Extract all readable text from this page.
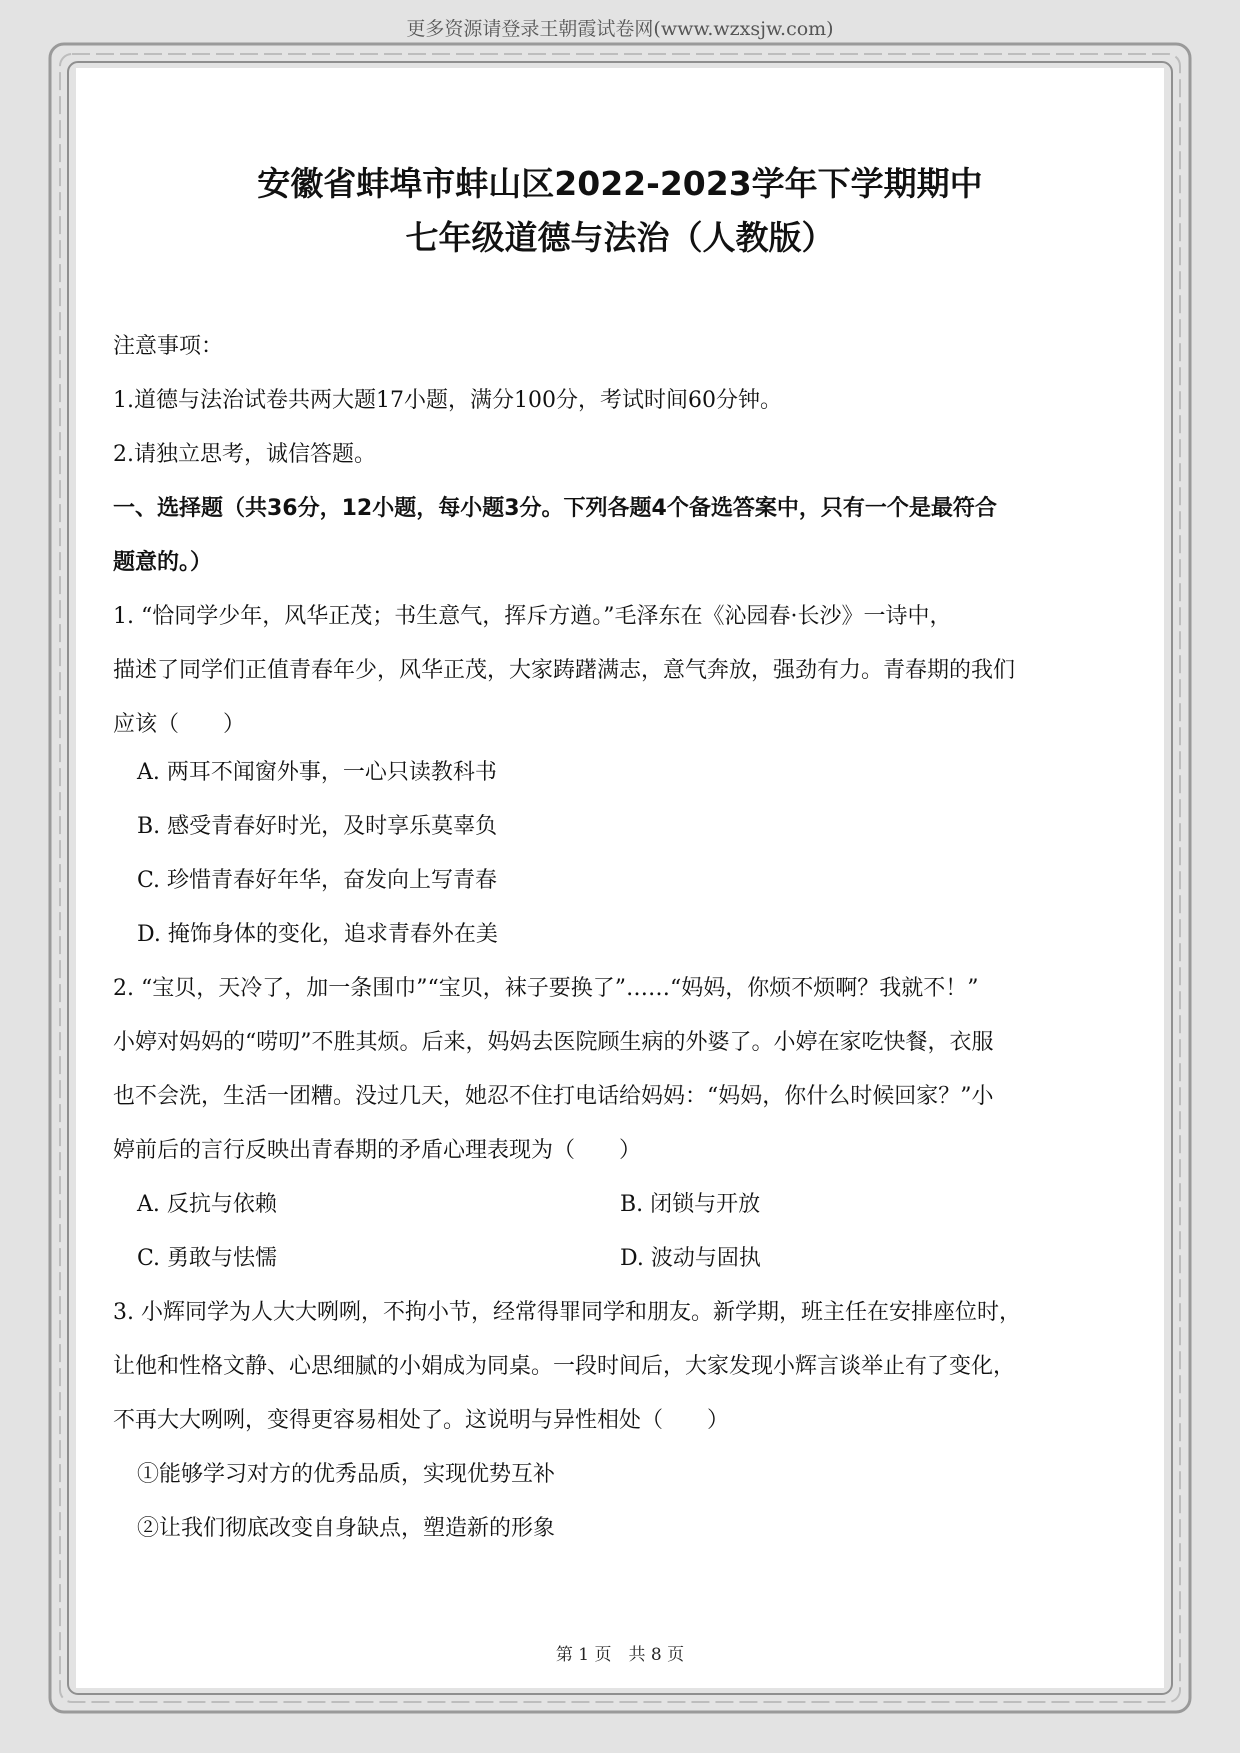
更多资源请登录王朝霞试卷网(www.wzxsjw.com)
安徽省蚌埠市蚌山区2022-2023学年下学期期中
七年级道德与法治（人教版）
注意事项：
1.道德与法治试卷共两大题17小题，满分100分，考试时间60分钟。
2.请独立思考，诚信答题。
一、选择题（共36分，12小题，每小题3分。下列各题4个备选答案中，只有一个是最符合
题意的。）
1. “恰同学少年，风华正茂；书生意气，挥斥方遒。”毛泽东在《沁园春·长沙》一诗中，
描述了同学们正值青春年少，风华正茂，大家踌躇满志，意气奔放，强劲有力。青春期的我们
应该（　　）
A. 两耳不闻窗外事，一心只读教科书
B. 感受青春好时光，及时享乐莫辜负
C. 珍惜青春好年华，奋发向上写青春
D. 掩饰身体的变化，追求青春外在美
2. “宝贝，天冷了，加一条围巾”“宝贝，袜子要换了”……“妈妈，你烦不烦啊？我就不！”
小婷对妈妈的“唠叨”不胜其烦。后来，妈妈去医院顾生病的外婆了。小婷在家吃快餐，衣服
也不会洗，生活一团糟。没过几天，她忍不住打电话给妈妈：“妈妈，你什么时候回家？”小
婷前后的言行反映出青春期的矛盾心理表现为（　　）
A. 反抗与依赖	B. 闭锁与开放
C. 勇敢与怯懦	D. 波动与固执
3. 小辉同学为人大大咧咧，不拘小节，经常得罪同学和朋友。新学期，班主任在安排座位时，
让他和性格文静、心思细腻的小娟成为同桌。一段时间后，大家发现小辉言谈举止有了变化，
不再大大咧咧，变得更容易相处了。这说明与异性相处（　　）
①能够学习对方的优秀品质，实现优势互补
②让我们彻底改变自身缺点，塑造新的形象
第 1 页　共 8 页
